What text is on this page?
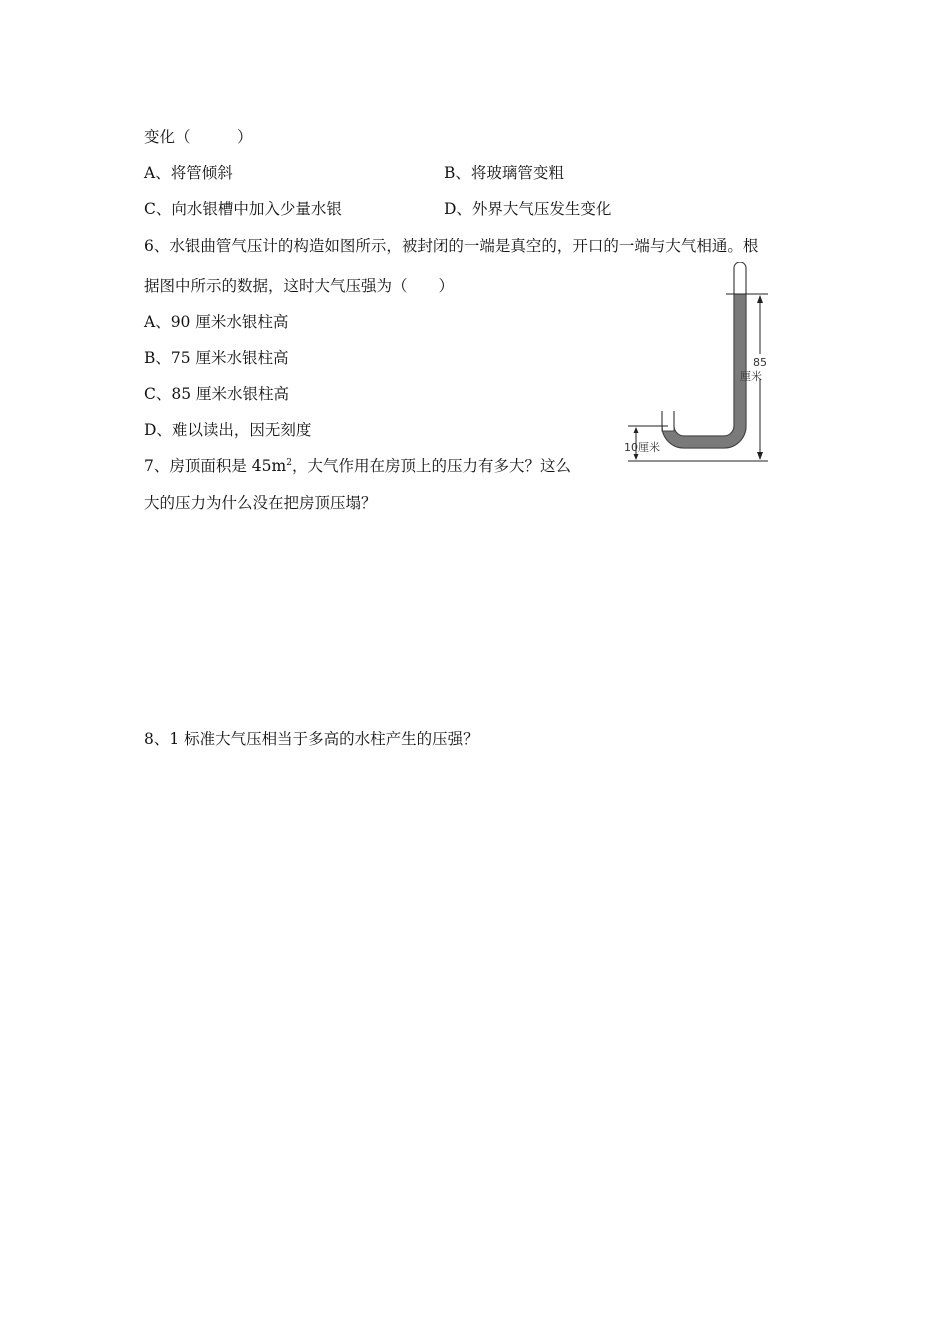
变化（　　　）
A、将管倾斜	B、将玻璃管变粗
C、向水银槽中加入少量水银	D、外界大气压发生变化
6、水银曲管气压计的构造如图所示，被封闭的一端是真空的，开口的一端与大气相通。根
据图中所示的数据，这时大气压强为（　　）
A、90 厘米水银柱高
B、75 厘米水银柱高
C、85 厘米水银柱高
D、难以读出，因无刻度
7、房顶面积是 $45m^2$，大气作用在房顶上的压力有多大？这么
大的压力为什么没在把房顶压塌？
8、1 标准大气压相当于多高的水柱产生的压强？
85
厘米
10厘米
